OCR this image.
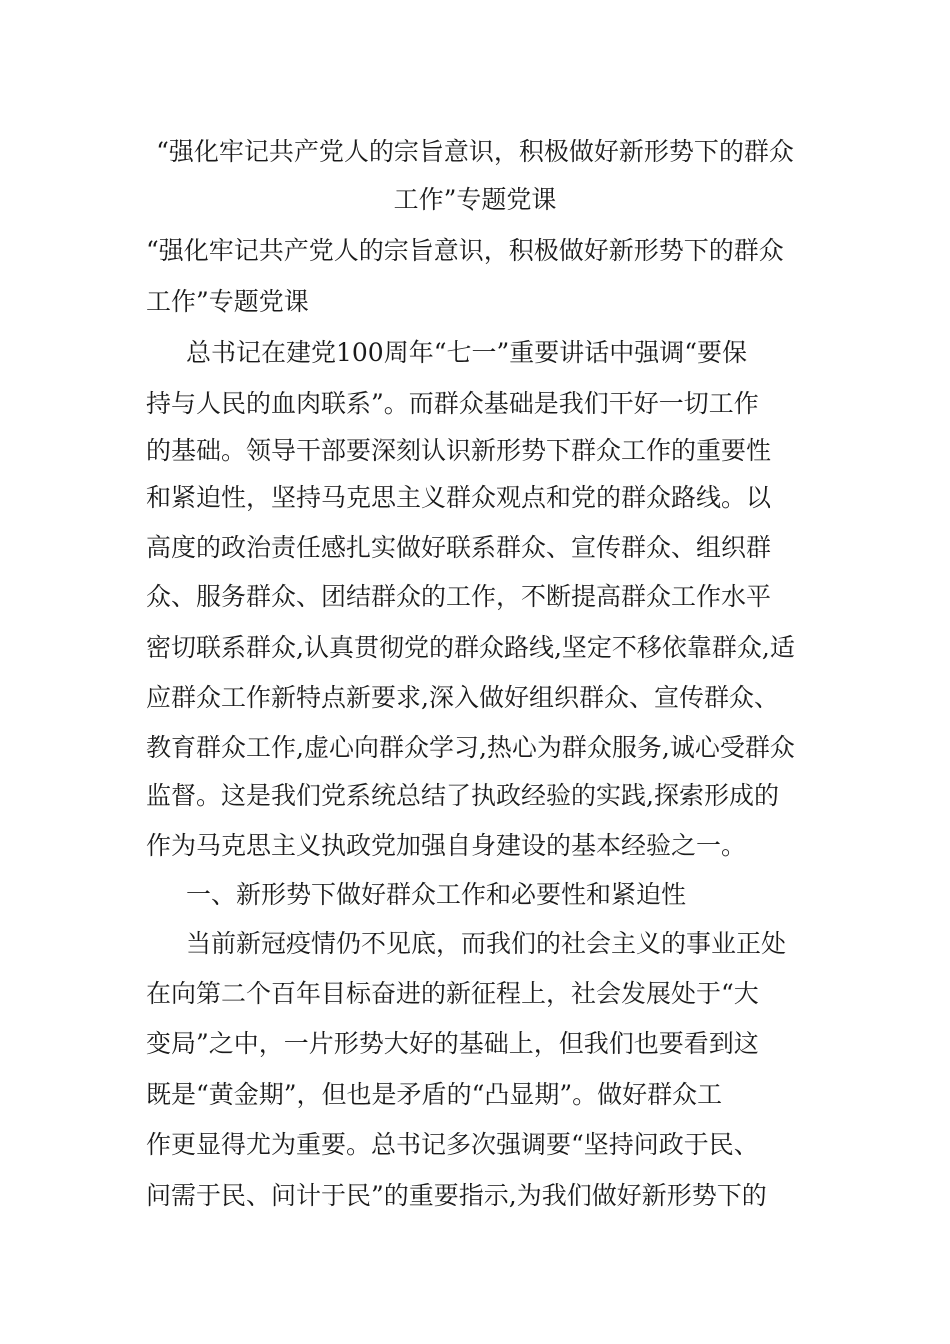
“强化牢记共产党人的宗旨意识，积极做好新形势下的群众
工作”专题党课
“强化牢记共产党人的宗旨意识，积极做好新形势下的群众
工作”专题党课
总书记在建党100周年“七一”重要讲话中强调“要保
持与人民的血肉联系”。而群众基础是我们干好一切工作
的基础。领导干部要深刻认识新形势下群众工作的重要性
和紧迫性，坚持马克思主义群众观点和党的群众路线。以
高度的政治责任感扎实做好联系群众、宣传群众、组织群
众、服务群众、团结群众的工作，不断提高群众工作水平
密切联系群众,认真贯彻党的群众路线,坚定不移依靠群众,适
应群众工作新特点新要求,深入做好组织群众、宣传群众、
教育群众工作,虚心向群众学习,热心为群众服务,诚心受群众
监督。这是我们党系统总结了执政经验的实践,探索形成的
作为马克思主义执政党加强自身建设的基本经验之一。
一、新形势下做好群众工作和必要性和紧迫性
当前新冠疫情仍不见底，而我们的社会主义的事业正处
在向第二个百年目标奋进的新征程上，社会发展处于“大
变局”之中，一片形势大好的基础上，但我们也要看到这
既是“黄金期”，但也是矛盾的“凸显期”。做好群众工
作更显得尤为重要。总书记多次强调要“坚持问政于民、
问需于民、问计于民”的重要指示,为我们做好新形势下的
